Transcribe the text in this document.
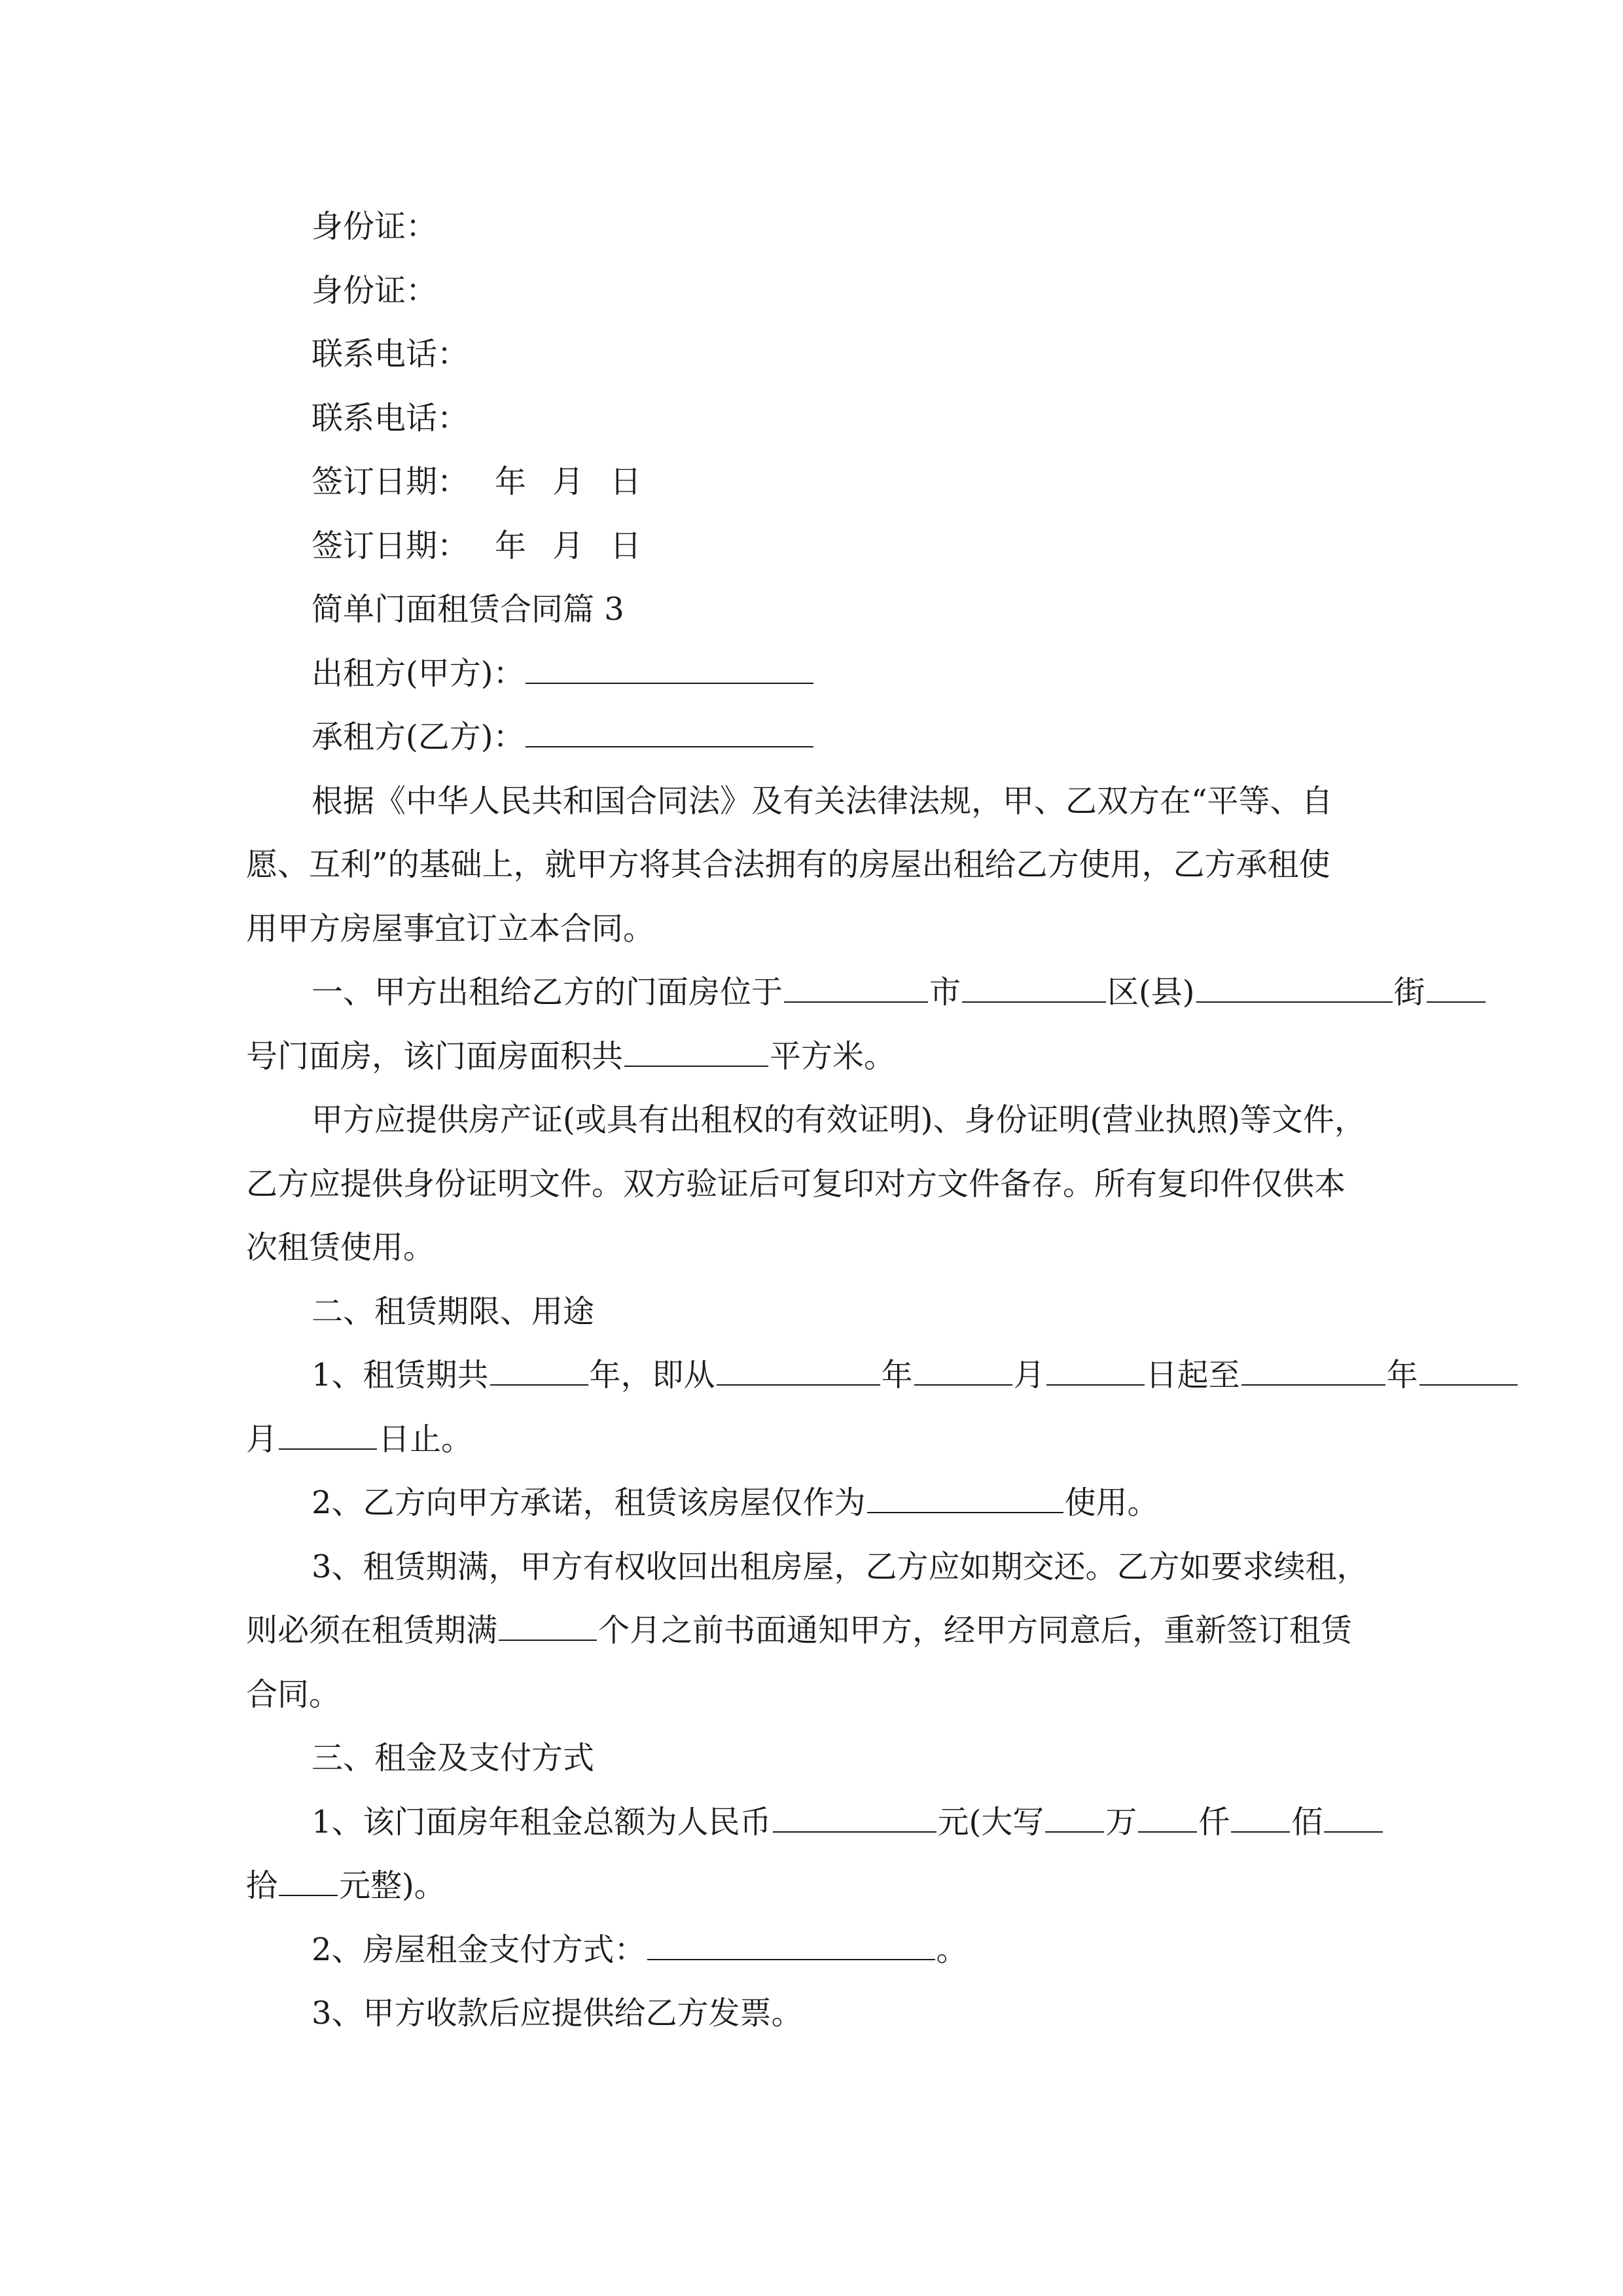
身份证：
身份证：
联系电话：
联系电话：
签订日期： 年 月 日
签订日期： 年 月 日
简单门面租赁合同篇 3
出租方(甲方)：
承租方(乙方)：
根据《中华人民共和国合同法》及有关法律法规，甲、乙双方在“平等、自
愿、互利”的基础上，就甲方将其合法拥有的房屋出租给乙方使用，乙方承租使
用甲方房屋事宜订立本合同。
一、甲方出租给乙方的门面房位于	市	区(县)	街
号门面房，该门面房面积共	平方米。
甲方应提供房产证(或具有出租权的有效证明)、身份证明(营业执照)等文件，
乙方应提供身份证明文件。双方验证后可复印对方文件备存。所有复印件仅供本
次租赁使用。
二、租赁期限、用途
1、租赁期共	年，即从	年	月	日起至	年
月	日止。
2、乙方向甲方承诺，租赁该房屋仅作为	使用。
3、租赁期满，甲方有权收回出租房屋，乙方应如期交还。乙方如要求续租，
则必须在租赁期满	个月之前书面通知甲方，经甲方同意后，重新签订租赁
合同。
三、租金及支付方式
1、该门面房年租金总额为人民币	元(大写 万 仟 佰
拾 元整)。
2、房屋租金支付方式：	。
3、甲方收款后应提供给乙方发票。
